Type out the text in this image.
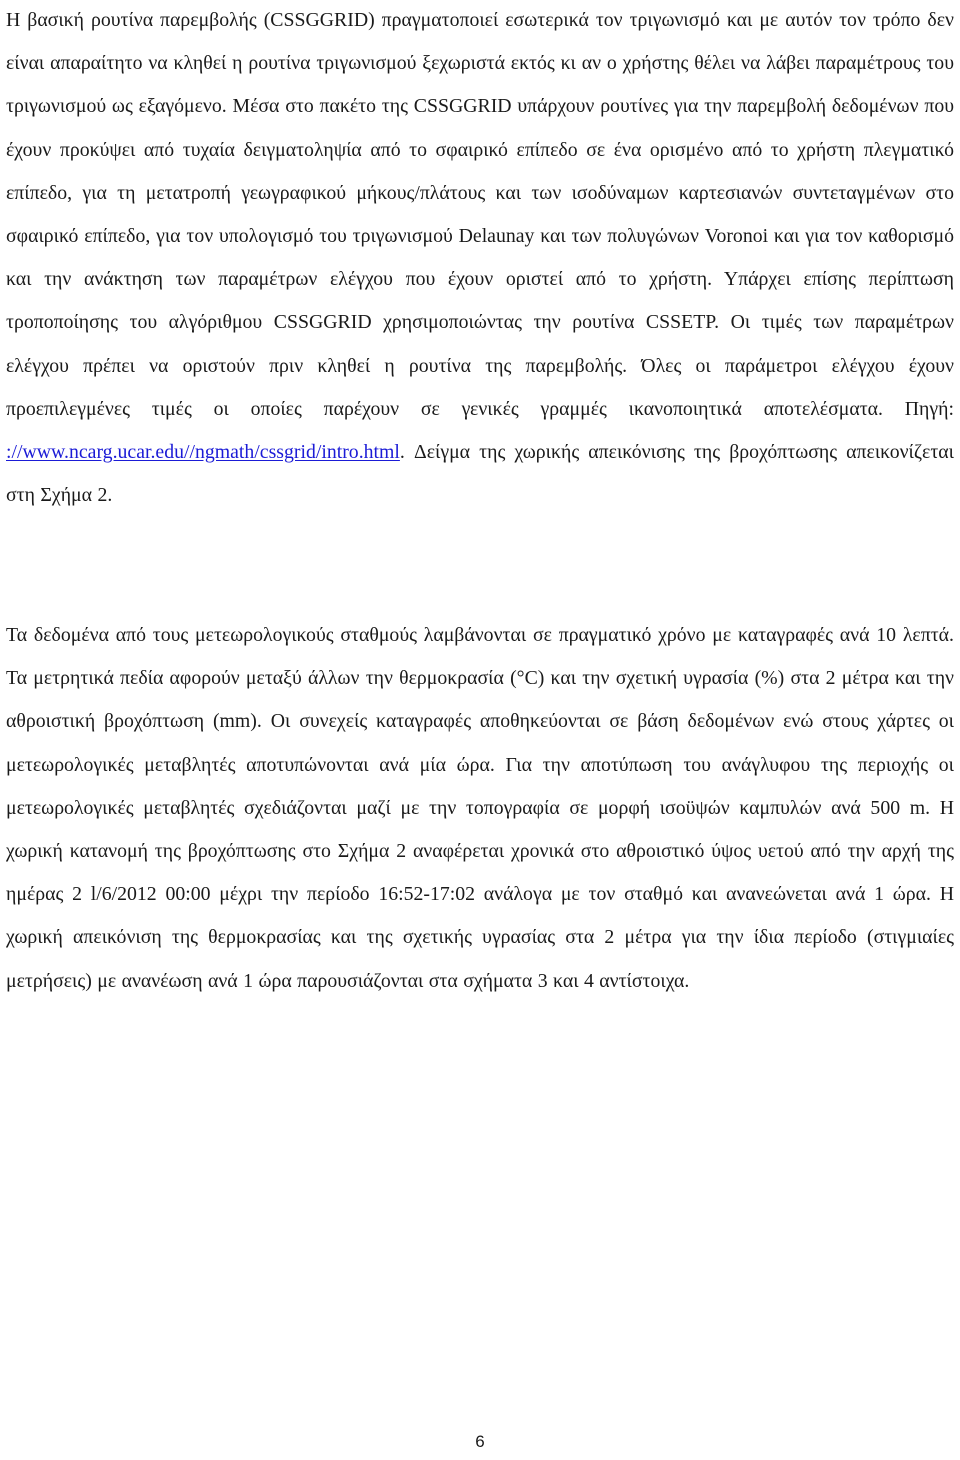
Η βασική ρουτίνα παρεμβολής (CSSGGRID) πραγματοποιεί εσωτερικά τον τριγωνισμό και με αυτόν τον τρόπο δεν είναι απαραίτητο να κληθεί η ρουτίνα τριγωνισμού ξεχωριστά εκτός κι αν ο χρήστης θέλει να λάβει παραμέτρους του τριγωνισμού ως εξαγόμενο. Μέσα στο πακέτο της CSSGGRID υπάρχουν ρουτίνες για την παρεμβολή δεδομένων που έχουν προκύψει από τυχαία δειγματοληψία από το σφαιρικό επίπεδο σε ένα ορισμένο από το χρήστη πλεγματικό επίπεδο, για τη μετατροπή γεωγραφικού μήκους/πλάτους και των ισοδύναμων καρτεσιανών συντεταγμένων στο σφαιρικό επίπεδο, για τον υπολογισμό του τριγωνισμού Delaunay και των πολυγώνων Voronoi και για τον καθορισμό και την ανάκτηση των παραμέτρων ελέγχου που έχουν οριστεί από το χρήστη. Υπάρχει επίσης περίπτωση τροποποίησης του αλγόριθμου CSSGGRID χρησιμοποιώντας την ρουτίνα CSSETP. Οι τιμές των παραμέτρων ελέγχου πρέπει να οριστούν πριν κληθεί η ρουτίνα της παρεμβολής. Όλες οι παράμετροι ελέγχου έχουν προεπιλεγμένες τιμές οι οποίες παρέχουν σε γενικές γραμμές ικανοποιητικά αποτελέσματα. Πηγή: ://www.ncarg.ucar.edu//ngmath/cssgrid/intro.html. Δείγμα της χωρικής απεικόνισης της βροχόπτωσης απεικονίζεται στη Σχήμα 2.

Τα δεδομένα από τους μετεωρολογικούς σταθμούς λαμβάνονται σε πραγματικό χρόνο με καταγραφές ανά 10 λεπτά. Τα μετρητικά πεδία αφορούν μεταξύ άλλων την θερμοκρασία (°C) και την σχετική υγρασία (%) στα 2 μέτρα και την αθροιστική βροχόπτωση (mm). Οι συνεχείς καταγραφές αποθηκεύονται σε βάση δεδομένων ενώ στους χάρτες οι μετεωρολογικές μεταβλητές αποτυπώνονται ανά μία ώρα. Για την αποτύπωση του ανάγλυφου της περιοχής οι μετεωρολογικές μεταβλητές σχεδιάζονται μαζί με την τοπογραφία σε μορφή ισοϋψών καμπυλών ανά 500 m. Η χωρική κατανομή της βροχόπτωσης στο Σχήμα 2 αναφέρεται χρονικά στο αθροιστικό ύψος υετού από την αρχή της ημέρας 2 l/6/2012 00:00 μέχρι την περίοδο 16:52-17:02 ανάλογα με τον σταθμό και ανανεώνεται ανά 1 ώρα. Η χωρική απεικόνιση της θερμοκρασίας και της σχετικής υγρασίας στα 2 μέτρα για την ίδια περίοδο (στιγμιαίες μετρήσεις) με ανανέωση ανά 1 ώρα παρουσιάζονται στα σχήματα 3 και 4 αντίστοιχα.

6
